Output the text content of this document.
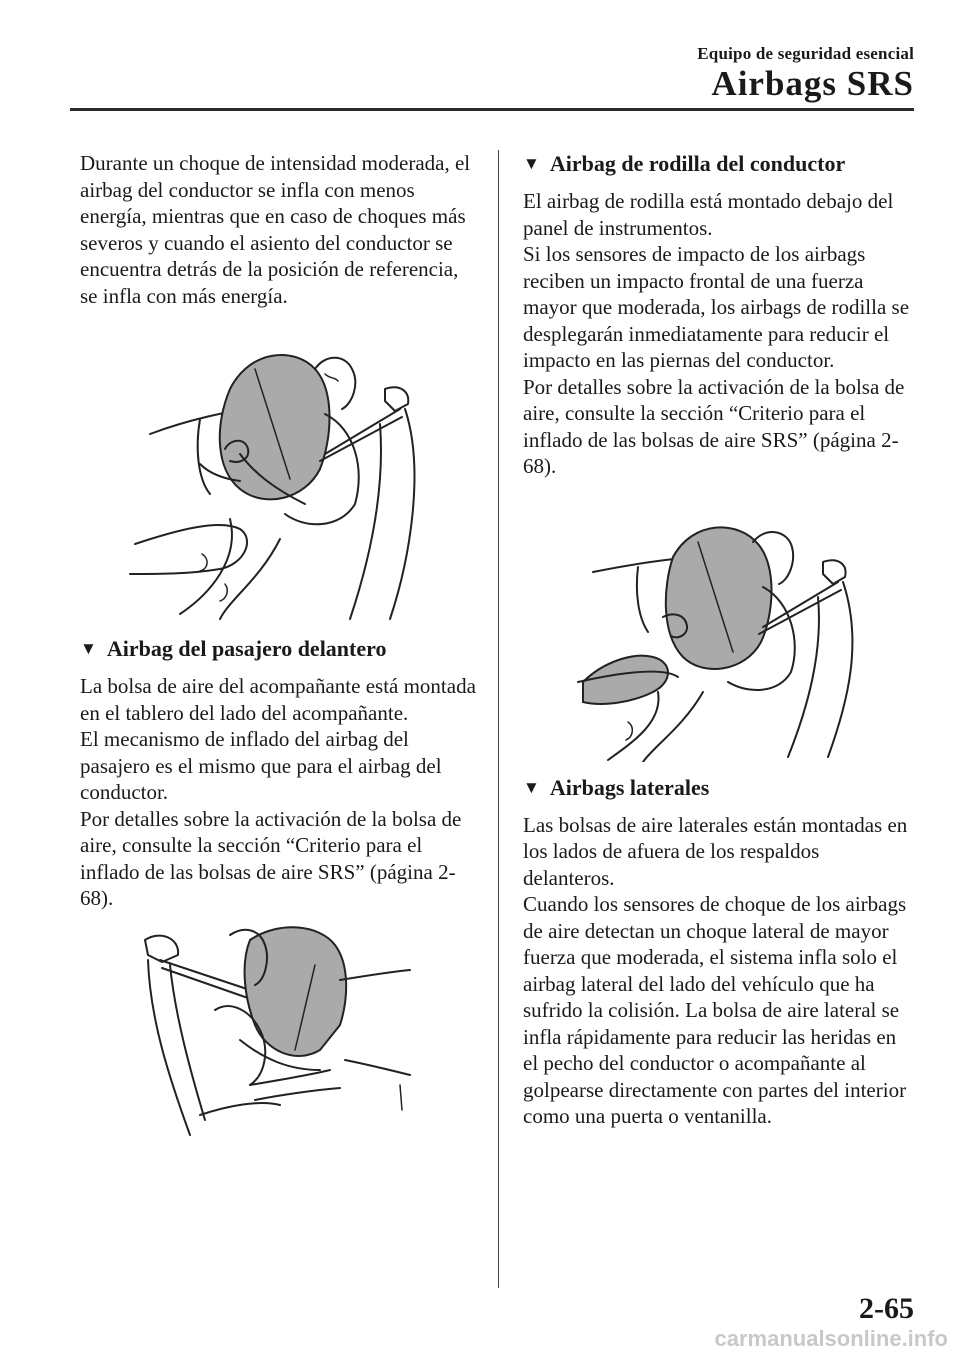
Equipo de seguridad esencial
Airbags SRS

Durante un choque de intensidad moderada, el airbag del conductor se infla con menos energía, mientras que en caso de choques más severos y cuando el asiento del conductor se encuentra detrás de la posición de referencia, se infla con más energía.

▼ Airbag del pasajero delantero

La bolsa de aire del acompañante está montada en el tablero del lado del acompañante.

El mecanismo de inflado del airbag del pasajero es el mismo que para el airbag del conductor.

Por detalles sobre la activación de la bolsa de aire, consulte la sección “Criterio para el inflado de las bolsas de aire SRS” (página 2-68).

▼ Airbag de rodilla del conductor

El airbag de rodilla está montado debajo del panel de instrumentos.

Si los sensores de impacto de los airbags reciben un impacto frontal de una fuerza mayor que moderada, los airbags de rodilla se desplegarán inmediatamente para reducir el impacto en las piernas del conductor.

Por detalles sobre la activación de la bolsa de aire, consulte la sección “Criterio para el inflado de las bolsas de aire SRS” (página 2-68).

▼ Airbags laterales

Las bolsas de aire laterales están montadas en los lados de afuera de los respaldos delanteros.

Cuando los sensores de choque de los airbags de aire detectan un choque lateral de mayor fuerza que moderada, el sistema infla solo el airbag lateral del lado del vehículo que ha sufrido la colisión. La bolsa de aire lateral se infla rápidamente para reducir las heridas en el pecho del conductor o acompañante al golpearse directamente con partes del interior como una puerta o ventanilla.

2-65
carmanualsonline.info
